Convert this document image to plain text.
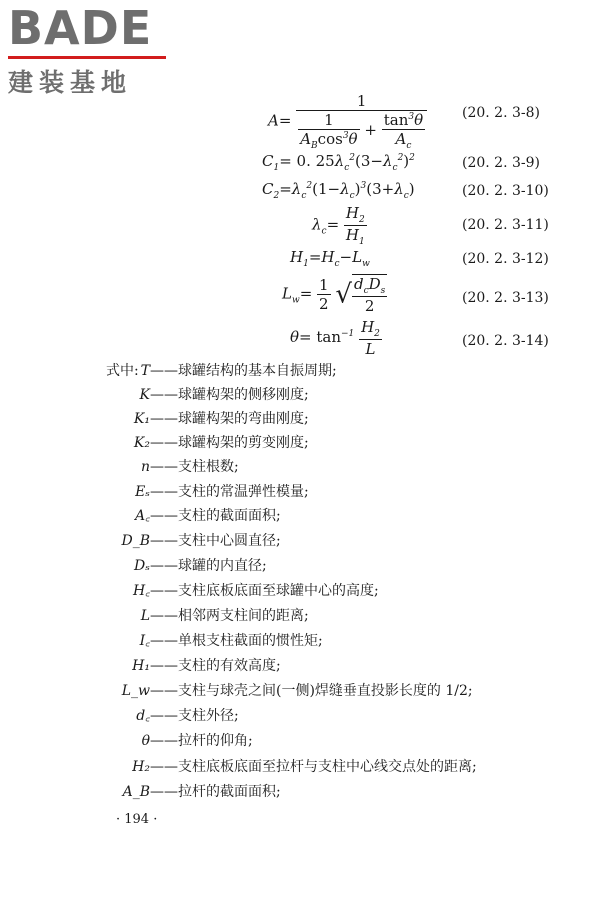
BADE
建装基地
$A= \frac{1}{\frac{1}{A_B\cos^3\theta} + \frac{\tan^3\theta}{A_c}} (20$. 2. 3-8)
$C_1= 0$. $25\lambda_c^2(3-\lambda_c^2)^2$	(20. 2. 3-9)
$C_2=\lambda_c^2(1-\lambda_c)^3(3+\lambda_c)$	(20. 2. 3-10)
$\lambda_c= \frac{H_2}{H_1}$	(20. 2. 3-11)
$H_1=H_c-L_w$	(20. 2. 3-12)
$L_w= \frac{1}{2}$ √ $\frac{d_cD_s}{2}$	(20. 2. 3-13)
$\theta= \tan^{-1} \frac{H_2}{L}$	(20. 2. 3-14)
式中: T——球罐结构的基本自振周期;
K——球罐构架的侧移刚度;
K₁——球罐构架的弯曲刚度;
K₂——球罐构架的剪变刚度;
n——支柱根数;
Eₛ——支柱的常温弹性模量;
A꜀——支柱的截面面积;
D_B——支柱中心圆直径;
Dₛ——球罐的内直径;
H꜀——支柱底板底面至球罐中心的高度;
L——相邻两支柱间的距离;
I꜀——单根支柱截面的惯性矩;
H₁——支柱的有效高度;
L_w——支柱与球壳之间(一侧)焊缝垂直投影长度的 1/2;
d꜀——支柱外径;
θ——拉杆的仰角;
H₂——支柱底板底面至拉杆与支柱中心线交点处的距离;
A_B——拉杆的截面面积;
· 194 ·
